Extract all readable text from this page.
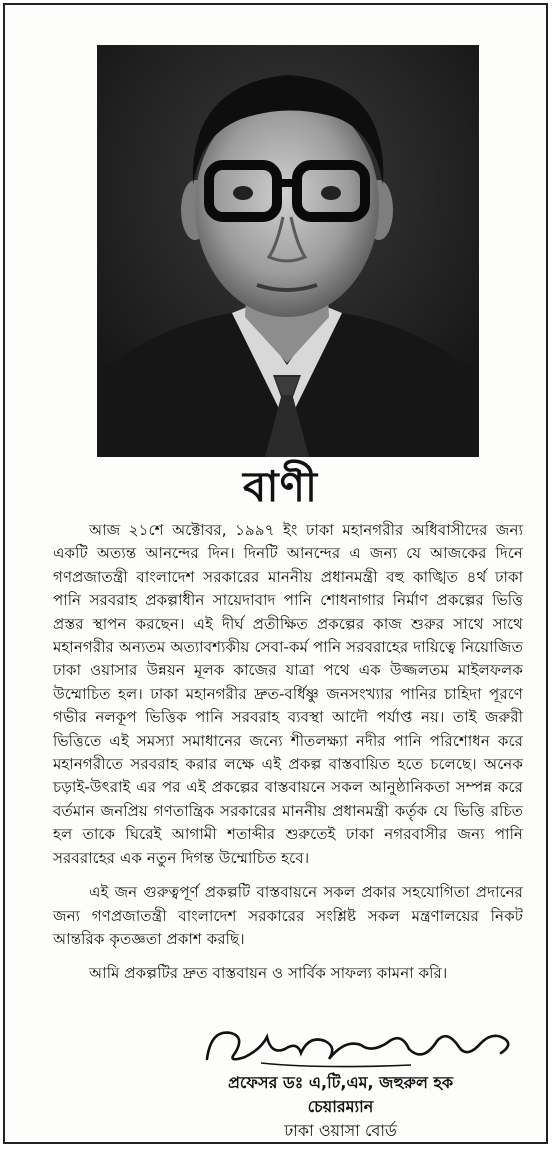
বাণী

আজ ২১শে অক্টোবর, ১৯৯৭ ইং ঢাকা মহানগরীর অধিবাসীদের জন্য একটি অত্যন্ত আনন্দের দিন। দিনটি আনন্দের এ জন্য যে আজকের দিনে গণপ্রজাতন্ত্রী বাংলাদেশ সরকারের মাননীয় প্রধানমন্ত্রী বহু কাঙ্খিত ৪র্থ ঢাকা পানি সরবরাহ প্রকল্পাধীন সায়েদাবাদ পানি শোধনাগার নির্মাণ প্রকল্পের ভিত্তি প্রস্তর স্থাপন করছেন। এই দীর্ঘ প্রতীক্ষিত প্রকল্পের কাজ শুরুর সাথে সাথে মহানগরীর অন্যতম অত্যাবশ্যকীয় সেবা-কর্ম পানি সরবরাহের দায়িত্বে নিয়োজিত ঢাকা ওয়াসার উন্নয়ন মূলক কাজের যাত্রা পথে এক উজ্জলতম মাইলফলক উম্মোচিত হল। ঢাকা মহানগরীর দ্রুত-বর্ধিষ্ণু জনসংখ্যার পানির চাহিদা পূরণে গভীর নলকূপ ভিত্তিক পানি সরবরাহ ব্যবস্থা আদৌ পর্যাপ্ত নয়। তাই জরুরী ভিত্তিতে এই সমস্যা সমাধানের জন্যে শীতলক্ষ্যা নদীর পানি পরিশোধন করে মহানগরীতে সরবরাহ করার লক্ষে এই প্রকল্প বাস্তবায়িত হতে চলেছে। অনেক চড়াই-উৎরাই এর পর এই প্রকল্পের বাস্তবায়নে সকল আনুষ্ঠানিকতা সম্পন্ন করে বর্তমান জনপ্রিয় গণতান্ত্রিক সরকারের মাননীয় প্রধানমন্ত্রী কর্তৃক যে ভিত্তি রচিত হল তাকে ঘিরেই আগামী শতাব্দীর শুরুতেই ঢাকা নগরবাসীর জন্য পানি সরবরাহের এক নতুন দিগন্ত উম্মোচিত হবে।

এই জন গুরুত্বপূর্ণ প্রকল্পটি বাস্তবায়নে সকল প্রকার সহযোগিতা প্রদানের জন্য গণপ্রজাতন্ত্রী বাংলাদেশ সরকারের সংশ্লিষ্ট সকল মন্ত্রণালয়ের নিকট আন্তরিক কৃতজ্ঞতা প্রকাশ করছি।

আমি প্রকল্পটির দ্রুত বাস্তবায়ন ও সার্বিক সাফল্য কামনা করি।

প্রফেসর ডঃ এ,টি,এম, জহুরুল হক
চেয়ারম্যান
ঢাকা ওয়াসা বোর্ড
